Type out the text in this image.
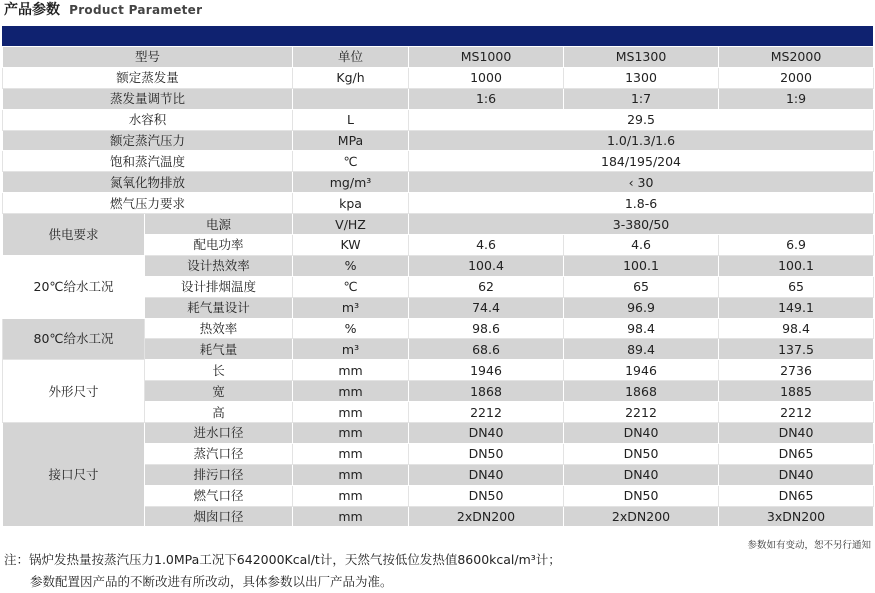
产品参数 Product Parameter
型号		单位	MS1000	MS1300	MS2000
额定蒸发量		Kg/h	1000	1300	2000
蒸发量调节比			1:6	1:7	1:9
水容积		L	29.5		
额定蒸汽压力		MPa	1.0/1.3/1.6		
饱和蒸汽温度		℃	184/195/204		
氮氧化物排放		mg/m³	‹ 30		
燃气压力要求		kpa	1.8-6		
供电要求	电源	V/HZ	3-380/50		
	配电功率	KW	4.6	4.6	6.9
20℃给水工况	设计热效率	%	100.4	100.1	100.1
	设计排烟温度	℃	62	65	65
	耗气量设计	m³	74.4	96.9	149.1
80℃给水工况	热效率	%	98.6	98.4	98.4
	耗气量	m³	68.6	89.4	137.5
外形尺寸	长	mm	1946	1946	2736
	宽	mm	1868	1868	1885
	高	mm	2212	2212	2212
接口尺寸	进水口径	mm	DN40	DN40	DN40
	蒸汽口径	mm	DN50	DN50	DN65
	排污口径	mm	DN40	DN40	DN40
	燃气口径	mm	DN50	DN50	DN65
	烟囱口径	mm	2xDN200	2xDN200	3xDN200
参数如有变动，恕不另行通知
注：锅炉发热量按蒸汽压力1.0MPa工况下642000Kcal/t计，天然气按低位发热值8600kcal/m³计；
参数配置因产品的不断改进有所改动，具体参数以出厂产品为准。
